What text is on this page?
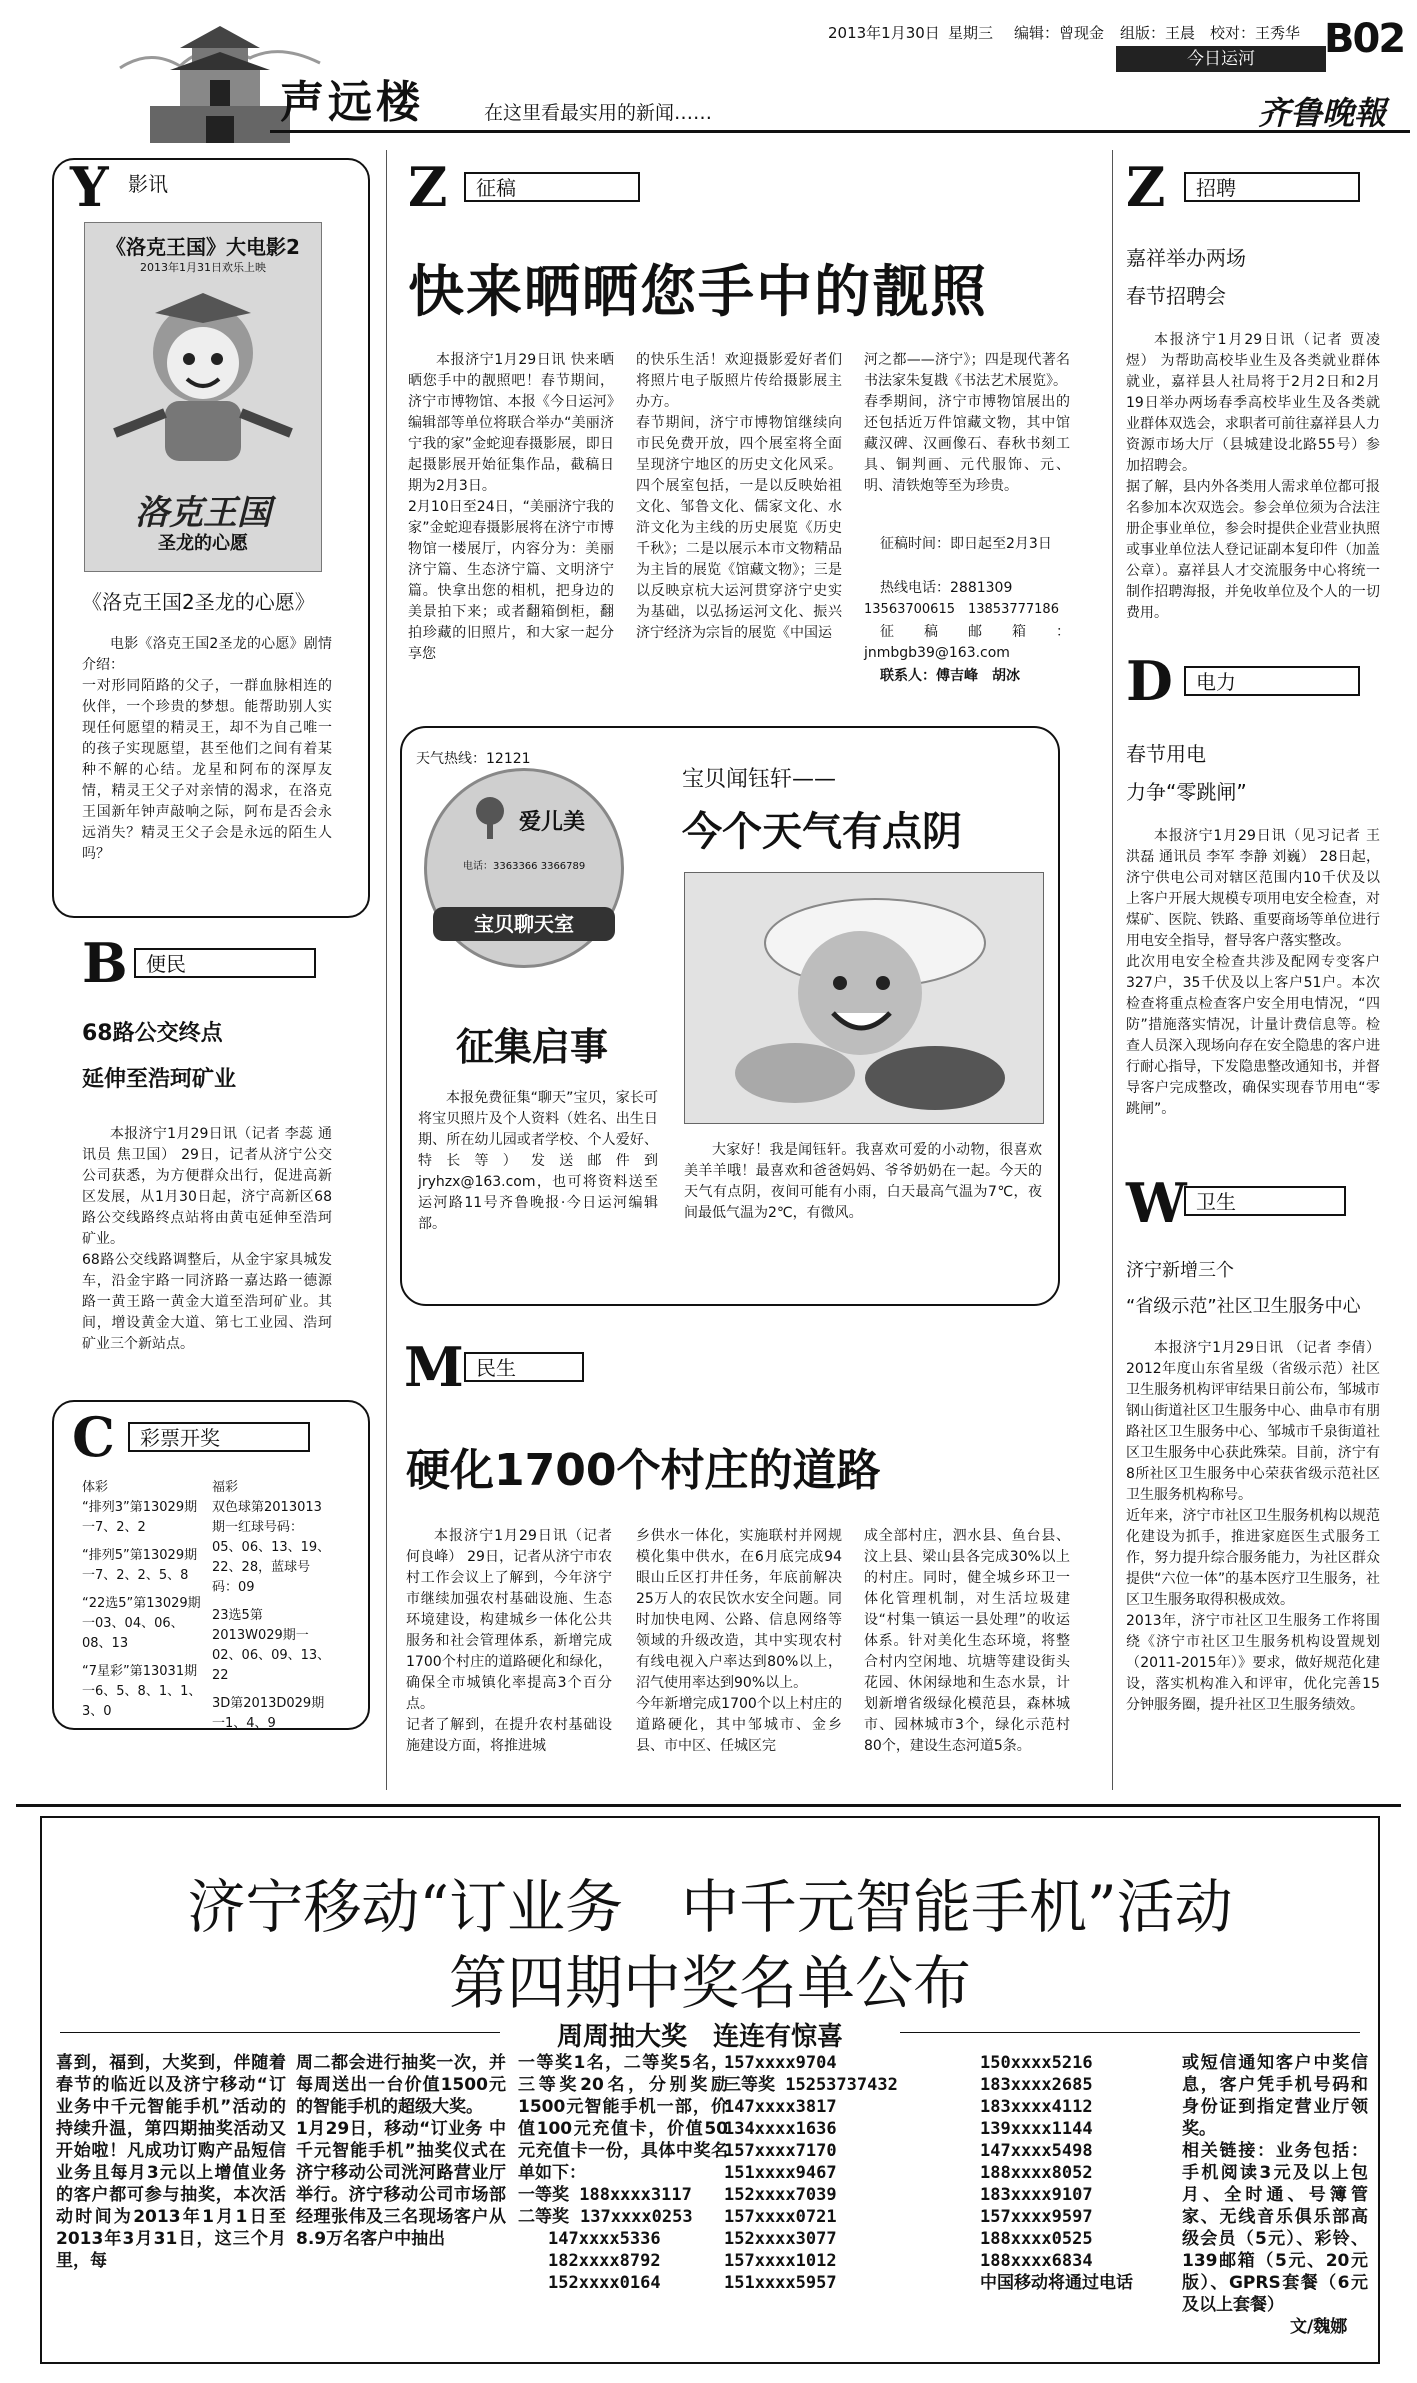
声远楼	在这里看最实用的新闻……
2013年1月30日 星期三 编辑：曾现金 组版：王晨 校对：王秀华
今日运河	B02
齐鲁晚報
Y 影讯
《洛克王国》大电影2
2013年1月31日欢乐上映
洛克王国
圣龙的心愿
《洛克王国2圣龙的心愿》
电影《洛克王国2圣龙的心愿》剧情介绍：
一对形同陌路的父子，一群血脉相连的伙伴，一个珍贵的梦想。能帮助别人实现任何愿望的精灵王，却不为自己唯一的孩子实现愿望，甚至他们之间有着某种不解的心结。龙星和阿布的深厚友情，精灵王父子对亲情的渴求，在洛克王国新年钟声敲响之际，阿布是否会永远消失？精灵王父子会是永远的陌生人吗？
B 便民
68路公交终点
延伸至浩珂矿业
本报济宁1月29日讯（记者 李蕊 通讯员 焦卫国） 29日，记者从济宁公交公司获悉，为方便群众出行，促进高新区发展，从1月30日起，济宁高新区68路公交线路终点站将由黄屯延伸至浩珂矿业。
68路公交线路调整后，从金宇家具城发车，沿金宇路一同济路一嘉达路一德源路一黄王路一黄金大道至浩珂矿业。其间，增设黄金大道、第七工业园、浩珂矿业三个新站点。
C	彩票开奖
体彩
“排列3”第13029期一7、2、2
“排列5”第13029期一7、2、2、5、8
“22选5”第13029期一03、04、06、08、13
“7星彩”第13031期一6、5、8、1、1、3、0
福彩
双色球第2013013期一红球号码：05、06、13、19、22、28，蓝球号码：09
23选5第2013W029期一02、06、09、13、22
3D第2013D029期一1、4、9
Z	征稿
快来晒晒您手中的靓照
本报济宁1月29日讯 快来晒晒您手中的靓照吧！春节期间，济宁市博物馆、本报《今日运河》编辑部等单位将联合举办“美丽济宁我的家”金蛇迎春摄影展，即日起摄影展开始征集作品，截稿日期为2月3日。
2月10日至24日，“美丽济宁我的家”金蛇迎春摄影展将在济宁市博物馆一楼展厅，内容分为：美丽济宁篇、生态济宁篇、文明济宁篇。快拿出您的相机，把身边的美景拍下来；或者翻箱倒柜，翻拍珍藏的旧照片，和大家一起分享您
的快乐生活！欢迎摄影爱好者们将照片电子版照片传给摄影展主办方。
春节期间，济宁市博物馆继续向市民免费开放，四个展室将全面呈现济宁地区的历史文化风采。四个展室包括，一是以反映始祖文化、邹鲁文化、儒家文化、水浒文化为主线的历史展览《历史千秋》；二是以展示本市文物精品为主旨的展览《馆藏文物》；三是以反映京杭大运河贯穿济宁史实为基础，以弘扬运河文化、振兴济宁经济为宗旨的展览《中国运
河之都——济宁》；四是现代著名书法家朱复戡《书法艺术展览》。
春季期间，济宁市博物馆展出的还包括近万件馆藏文物，其中馆藏汉碑、汉画像石、春秋书刻工具、铜判画、元代服饰、元、明、清铁炮等至为珍贵。
征稿时间：即日起至2月3日
热线电话：2881309
13563700615　13853777186
征稿邮箱：jnmbgb39@163.com
联系人：傅吉峰　胡冰
天气热线：12121
爱儿美
电话：3363366 3366789
宝贝聊天室
宝贝闻钰轩——
今个天气有点阴
征集启事
本报免费征集“聊天”宝贝，家长可将宝贝照片及个人资料（姓名、出生日期、所在幼儿园或者学校、个人爱好、特长等）发送邮件到jryhzx@163.com，也可将资料送至运河路11号齐鲁晚报·今日运河编辑部。
大家好！我是闻钰轩。我喜欢可爱的小动物，很喜欢美羊羊哦！最喜欢和爸爸妈妈、爷爷奶奶在一起。今天的天气有点阴，夜间可能有小雨，白天最高气温为7℃，夜间最低气温为2℃，有微风。
M 民生
硬化1700个村庄的道路
本报济宁1月29日讯（记者 何良峰） 29日，记者从济宁市农村工作会议上了解到，今年济宁市继续加强农村基础设施、生态环境建设，构建城乡一体化公共服务和社会管理体系，新增完成1700个村庄的道路硬化和绿化，确保全市城镇化率提高3个百分点。
记者了解到，在提升农村基础设施建设方面，将推进城
乡供水一体化，实施联村并网规模化集中供水，在6月底完成94眼山丘区打井任务，年底前解决25万人的农民饮水安全问题。同时加快电网、公路、信息网络等领域的升级改造，其中实现农村有线电视入户率达到80%以上，沼气使用率达到90%以上。
今年新增完成1700个以上村庄的道路硬化，其中邹城市、金乡县、市中区、任城区完
成全部村庄，泗水县、鱼台县、汶上县、梁山县各完成30%以上的村庄。同时，健全城乡环卫一体化管理机制，对生活垃圾建设“村集一镇运一县处理”的收运体系。针对美化生态环境，将整合村内空闲地、坑塘等建设街头花园、休闲绿地和生态水景，计划新增省级绿化模范县，森林城市、园林城市3个，绿化示范村80个，建设生态河道5条。
Z	招聘
嘉祥举办两场
春节招聘会
本报济宁1月29日讯（记者 贾凌煜） 为帮助高校毕业生及各类就业群体就业，嘉祥县人社局将于2月2日和2月19日举办两场春季高校毕业生及各类就业群体双选会，求职者可前往嘉祥县人力资源市场大厅（县城建设北路55号）参加招聘会。
据了解，县内外各类用人需求单位都可报名参加本次双选会。参会单位须为合法注册企事业单位，参会时提供企业营业执照或事业单位法人登记证副本复印件（加盖公章）。嘉祥县人才交流服务中心将统一制作招聘海报，并免收单位及个人的一切费用。
D	电力
春节用电
力争“零跳闸”
本报济宁1月29日讯（见习记者 王洪磊 通讯员 李军 李静 刘巍） 28日起，济宁供电公司对辖区范围内10千伏及以上客户开展大规模专项用电安全检查，对煤矿、医院、铁路、重要商场等单位进行用电安全指导，督导客户落实整改。
此次用电安全检查共涉及配网专变客户327户，35千伏及以上客户51户。本次检查将重点检查客户安全用电情况，“四防”措施落实情况，计量计费信息等。检查人员深入现场向存在安全隐患的客户进行耐心指导，下发隐患整改通知书，并督导客户完成整改，确保实现春节用电“零跳闸”。
W 卫生
济宁新增三个
“省级示范”社区卫生服务中心
本报济宁1月29日讯 （记者 李倩） 2012年度山东省星级（省级示范）社区卫生服务机构评审结果日前公布，邹城市钢山街道社区卫生服务中心、曲阜市有朋路社区卫生服务中心、邹城市千泉街道社区卫生服务中心获此殊荣。目前，济宁有8所社区卫生服务中心荣获省级示范社区卫生服务机构称号。
近年来，济宁市社区卫生服务机构以规范化建设为抓手，推进家庭医生式服务工作，努力提升综合服务能力，为社区群众提供“六位一体”的基本医疗卫生服务，社区卫生服务取得积极成效。
2013年，济宁市社区卫生服务工作将围绕《济宁市社区卫生服务机构设置规划（2011-2015年）》要求，做好规范化建设，落实机构准入和评审，优化完善15分钟服务圈，提升社区卫生服务绩效。
济宁移动“订业务　中千元智能手机”活动
第四期中奖名单公布
周周抽大奖　连连有惊喜
喜到，福到，大奖到，伴随着春节的临近以及济宁移动“订业务中千元智能手机”活动的持续升温，第四期抽奖活动又开始啦！凡成功订购产品短信业务且每月3元以上增值业务的客户都可参与抽奖，本次活动时间为2013年1月1日至2013年3月31日，这三个月里，每
周二都会进行抽奖一次，并每周送出一台价值1500元的智能手机的超级大奖。
1月29日，移动“订业务 中千元智能手机”抽奖仪式在济宁移动公司洸河路营业厅举行。济宁移动公司市场部经理张伟及三名现场客户从8.9万名客户中抽出
一等奖1名，二等奖5名，三等奖20名，分别奖励1500元智能手机一部，价值100元充值卡，价值50元充值卡一份，具体中奖名单如下：
一等奖 188xxxx3117
二等奖 137xxxx0253
147xxxx5336
182xxxx8792
152xxxx0164
157xxxx9704
三等奖 15253737432
147xxxx3817
134xxxx1636
157xxxx7170
151xxxx9467
152xxxx7039
157xxxx0721
152xxxx3077
157xxxx1012
151xxxx5957
150xxxx5216
183xxxx2685
183xxxx4112
139xxxx1144
147xxxx5498
188xxxx8052
183xxxx9107
157xxxx9597
188xxxx0525
188xxxx6834
中国移动将通过电话
或短信通知客户中奖信息，客户凭手机号码和身份证到指定营业厅领奖。
相关链接：业务包括：手机阅读3元及以上包月、全时通、号簿管家、无线音乐俱乐部高级会员（5元）、彩铃、139邮箱（5元、20元版）、GPRS套餐（6元及以上套餐）
文/魏娜
